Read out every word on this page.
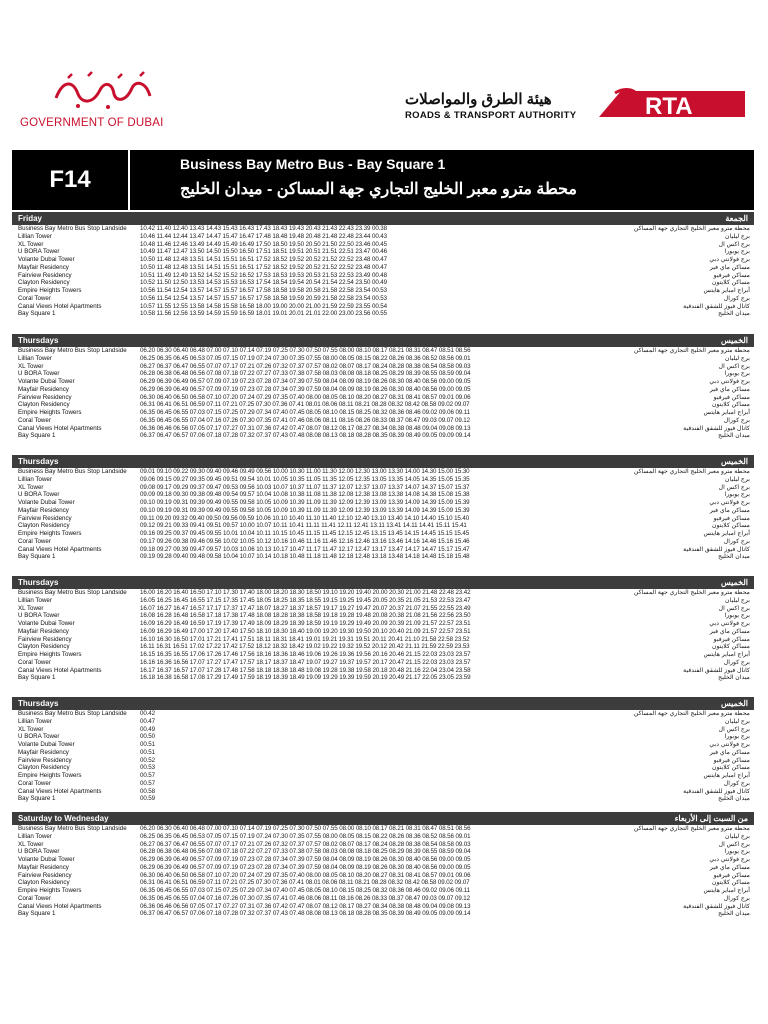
GOVERNMENT OF DUBAI
هيئة الطرق والمواصلات
ROADS & TRANSPORT AUTHORITY	RTA
F14
Business Bay Metro Bus - Bay Square 1
محطة مترو معبر الخليج التجاري جهة المساكن - ميدان الخليج
Friday	الجمعة
Business Bay Metro Bus Stop Landside 10.42 11.40 12.40 13.43 14.43 15.43 16.43 17.43 18.43 19.43 20.43 21.43 22.43 23.39 00.38	محطة مترو معبر الخليج التجاري جهة المساكن
Lillian Tower	10.46 11.44 12.44 13.47 14.47 15.47 16.47 17.48 18.48 19.48 20.48 21.48 22.48 23.44 00.43	برج ليليان
XL Tower	10.48 11.46 12.46 13.49 14.49 15.49 16.49 17.50 18.50 19.50 20.50 21.50 22.50 23.46 00.45	برج اكس ال
U BORA Tower	10.49 11.47 12.47 13.50 14.50 15.50 16.50 17.51 18.51 19.51 20.51 21.51 22.51 23.47 00.46	برج يوبورا
Volante Dubai Tower	10.50 11.48 12.48 13.51 14.51 15.51 16.51 17.52 18.52 19.52 20.52 21.52 22.52 23.48 00.47	برج فولانتي دبي
Mayfair Residency	10.50 11.48 12.48 13.51 14.51 15.51 16.51 17.52 18.52 19.52 20.52 21.52 22.52 23.48 00.47	مساكن ماي فير
Fairview Residency	10.51 11.49 12.49 13.52 14.52 15.52 16.52 17.53 18.53 19.53 20.53 21.53 22.53 23.49 00.48	مساكن فيرفيو
Clayton Residency	10.52 11.50 12.50 13.53 14.53 15.53 16.53 17.54 18.54 19.54 20.54 21.54 22.54 23.50 00.49	مساكن كلايتون
Empire Heights Towers	10.56 11.54 12.54 13.57 14.57 15.57 16.57 17.58 18.58 19.58 20.58 21.58 22.58 23.54 00.53	أبراج امباير هايتس
Coral Tower	10.56 11.54 12.54 13.57 14.57 15.57 16.57 17.58 18.58 19.59 20.59 21.58 22.58 23.54 00.53	برج كورال
Canal Views Hotel Apartments	10.57 11.55 12.55 13.58 14.58 15.58 16.58 18.00 19.00 20.00 21.00 21.59 22.59 23.55 00.54	كانال فيوز للشقق الفندقية
Bay Square 1	10.58 11.56 12.56 13.59 14.59 15.59 16.59 18.01 19.01 20.01 21.01 22.00 23.00 23.56 00.55	ميدان الخليج
Thursdays	الخميس
Business Bay Metro Bus Stop Landside 06.20 06.30 06.40 06.48 07.00 07.10 07.14 07.19 07.25 07.30 07.50 07.55 08.00 08.10 08.17 08.21 08.31 08.47 08.51 08.56	محطة مترو معبر الخليج التجاري جهة المساكن
Lillian Tower	06.25 06.35 06.45 06.53 07.05 07.15 07.19 07.24 07.30 07.35 07.55 08.00 08.05 08.15 08.22 08.26 08.36 08.52 08.56 09.01	برج ليليان
XL Tower	06.27 06.37 06.47 06.55 07.07 07.17 07.21 07.26 07.32 07.37 07.57 08.02 08.07 08.17 08.24 08.28 08.38 08.54 08.58 09.03	برج اكس ال
U BORA Tower	06.28 06.38 06.48 06.56 07.08 07.18 07.22 07.27 07.33 07.38 07.58 08.03 08.08 08.18 08.25 08.29 08.39 08.55 08.59 09.04	برج يوبورا
Volante Dubai Tower	06.29 06.39 06.49 06.57 07.09 07.19 07.23 07.28 07.34 07.39 07.59 08.04 08.09 08.19 08.26 08.30 08.40 08.56 09.00 09.05	برج فولانتي دبي
Mayfair Residency	06.29 06.39 06.49 06.57 07.09 07.19 07.23 07.28 07.34 07.39 07.59 08.04 08.09 08.19 08.26 08.30 08.40 08.56 09.00 09.05	مساكن ماي فير
Fairview Residency	06.30 06.40 06.50 06.58 07.10 07.20 07.24 07.29 07.35 07.40 08.00 08.05 08.10 08.20 08.27 08.31 08.41 08.57 09.01 09.06	مساكن فيرفيو
Clayton Residency	06.31 06.41 06.51 06.59 07.11 07.21 07.25 07.30 07.36 07.41 08.01 08.06 08.11 08.21 08.28 08.32 08.42 08.58 09.02 09.07	مساكن كلايتون
Empire Heights Towers	06.35 06.45 06.55 07.03 07.15 07.25 07.29 07.34 07.40 07.45 08.05 08.10 08.15 08.25 08.32 08.36 08.46 09.02 09.06 09.11	أبراج امباير هايتس
Coral Tower	06.35 06.45 06.55 07.04 07.16 07.26 07.30 07.35 07.41 07.46 08.06 08.11 08.16 08.26 08.33 08.37 08.47 09.03 09.07 09.12	برج كورال
Canal Views Hotel Apartments	06.36 06.46 06.56 07.05 07.17 07.27 07.31 07.36 07.42 07.47 08.07 08.12 08.17 08.27 08.34 08.38 08.48 09.04 09.08 09.13	كانال فيوز للشقق الفندقية
Bay Square 1	06.37 06.47 06.57 07.06 07.18 07.28 07.32 07.37 07.43 07.48 08.08 08.13 08.18 08.28 08.35 08.39 08.49 09.05 09.09 09.14	ميدان الخليج
Thursdays	الخميس
Business Bay Metro Bus Stop Landside 09.01 09.10 09.22 09.30 09.40 09.46 09.49 09.56 10.00 10.30 11.00 11.30 12.00 12.30 13.00 13.30 14.00 14.30 15.00 15.30	محطة مترو معبر الخليج التجاري جهة المساكن
Lillian Tower	09.06 09.15 09.27 09.35 09.45 09.51 09.54 10.01 10.05 10.35 11.05 11.35 12.05 12.35 13.05 13.35 14.05 14.35 15.05 15.35	برج ليليان
XL Tower	09.08 09.17 09.29 09.37 09.47 09.53 09.56 10.03 10.07 10.37 11.07 11.37 12.07 12.37 13.07 13.37 14.07 14.37 15.07 15.37	برج اكس ال
U BORA Tower	09.09 09.18 09.30 09.38 09.48 09.54 09.57 10.04 10.08 10.38 11.08 11.38 12.08 12.38 13.08 13.38 14.08 14.38 15.08 15.38	برج يوبورا
Volante Dubai Tower	09.10 09.19 09.31 09.39 09.49 09.55 09.58 10.05 10.09 10.39 11.09 11.39 12.09 12.39 13.09 13.39 14.09 14.39 15.09 15.39	برج فولانتي دبي
Mayfair Residency	09.10 09.19 09.31 09.39 09.49 09.55 09.58 10.05 10.09 10.39 11.09 11.39 12.09 12.39 13.09 13.39 14.09 14.39 15.09 15.39	مساكن ماي فير
Fairview Residency	09.11 09.20 09.32 09.40 09.50 09.56 09.59 10.06 10.10 10.40 11.10 11.40 12.10 12.40 13.10 13.40 14.10 14.40 15.10 15.40	مساكن فيرفيو
Clayton Residency	09.12 09.21 09.33 09.41 09.51 09.57 10.00 10.07 10.11 10.41 11.11 11.41 12.11 12.41 13.11 13.41 14.11 14.41 15.11 15.41	مساكن كلايتون
Empire Heights Towers	09.16 09.25 09.37 09.45 09.55 10.01 10.04 10.11 10.15 10.45 11.15 11.45 12.15 12.45 13.15 13.45 14.15 14.45 15.15 15.45	أبراج امباير هايتس
Coral Tower	09.17 09.26 09.38 09.46 09.56 10.02 10.05 10.12 10.16 10.46 11.16 11.46 12.16 12.46 13.16 13.46 14.16 14.46 15.16 15.46	برج كورال
Canal Views Hotel Apartments	09.18 09.27 09.39 09.47 09.57 10.03 10.06 10.13 10.17 10.47 11.17 11.47 12.17 12.47 13.17 13.47 14.17 14.47 15.17 15.47	كانال فيوز للشقق الفندقية
Bay Square 1	09.19 09.28 09.40 09.48 09.58 10.04 10.07 10.14 10.18 10.48 11.18 11.48 12.18 12.48 13.18 13.48 14.18 14.48 15.18 15.48	ميدان الخليج
Thursdays	الخميس
Business Bay Metro Bus Stop Landside 16.00 16.20 16.40 16.50 17.10 17.30 17.40 18.00 18.20 18.30 18.50 19.10 19.20 19.40 20.00 20.30 21.00 21.48 22.48 23.42	محطة مترو معبر الخليج التجاري جهة المساكن
Lillian Tower	16.05 16.25 16.45 16.55 17.15 17.35 17.45 18.05 18.25 18.35 18.55 19.15 19.25 19.45 20.05 20.35 21.05 21.53 22.53 23.47	برج ليليان
XL Tower	16.07 16.27 16.47 16.57 17.17 17.37 17.47 18.07 18.27 18.37 18.57 19.17 19.27 19.47 20.07 20.37 21.07 21.55 22.55 23.49	برج اكس ال
U BORA Tower	16.08 16.28 16.48 16.58 17.18 17.38 17.48 18.08 18.28 18.38 18.58 19.18 19.28 19.48 20.08 20.38 21.08 21.56 22.56 23.50	برج يوبورا
Volante Dubai Tower	16.09 16.29 16.49 16.59 17.19 17.39 17.49 18.09 18.29 18.39 18.59 19.19 19.29 19.49 20.09 20.39 21.09 21.57 22.57 23.51	برج فولانتي دبي
Mayfair Residency	16.09 16.29 16.49 17.00 17.20 17.40 17.50 18.10 18.30 18.40 19.00 19.20 19.30 19.50 20.10 20.40 21.09 21.57 22.57 23.51	مساكن ماي فير
Fairview Residency	16.10 16.30 16.50 17.01 17.21 17.41 17.51 18.11 18.31 18.41 19.01 19.21 19.31 19.51 20.11 20.41 21.10 21.58 22.58 23.52	مساكن فيرفيو
Clayton Residency	16.11 16.31 16.51 17.02 17.22 17.42 17.52 18.12 18.32 18.42 19.02 19.22 19.32 19.52 20.12 20.42 21.11 21.59 22.59 23.53	مساكن كلايتون
Empire Heights Towers	16.15 16.35 16.55 17.06 17.26 17.46 17.56 18.16 18.36 18.46 19.06 19.26 19.36 19.56 20.16 20.46 21.15 22.03 23.03 23.57	أبراج امباير هايتس
Coral Tower	16.16 16.36 16.56 17.07 17.27 17.47 17.57 18.17 18.37 18.47 19.07 19.27 19.37 19.57 20.17 20.47 21.15 22.03 23.03 23.57	برج كورال
Canal Views Hotel Apartments	16.17 16.37 16.57 17.07 17.28 17.48 17.58 18.18 18.38 18.48 19.08 19.28 19.38 19.58 20.18 20.48 21.16 22.04 23.04 23.58	كانال فيوز للشقق الفندقية
Bay Square 1	16.18 16.38 16.58 17.08 17.29 17.49 17.59 18.19 18.39 18.49 19.09 19.29 19.39 19.59 20.19 20.49 21.17 22.05 23.05 23.59	ميدان الخليج
Thursdays	الخميس
Business Bay Metro Bus Stop Landside 00.42	محطة مترو معبر الخليج التجاري جهة المساكن
Lillian Tower	00.47	برج ليليان
XL Tower	00.49	برج اكس ال
U BORA Tower	00.50	برج يوبورا
Volante Dubai Tower	00.51	برج فولانتي دبي
Mayfair Residency	00.51	مساكن ماي فير
Fairview Residency	00.52	مساكن فيرفيو
Clayton Residency	00.53	مساكن كلايتون
Empire Heights Towers	00.57	أبراج امباير هايتس
Coral Tower	00.57	برج كورال
Canal Views Hotel Apartments	00.58	كانال فيوز للشقق الفندقية
Bay Square 1	00.59	ميدان الخليج
Saturday to Wednesday	من السبت إلى الأربعاء
Business Bay Metro Bus Stop Landside 06.20 06.30 06.40 06.48 07.00 07.10 07.14 07.19 07.25 07.30 07.50 07.55 08.00 08.10 08.17 08.21 08.31 08.47 08.51 08.56	محطة مترو معبر الخليج التجاري جهة المساكن
Lillian Tower	06.25 06.35 06.45 06.53 07.05 07.15 07.19 07.24 07.30 07.35 07.55 08.00 08.05 08.15 08.22 08.26 08.36 08.52 08.56 09.01	برج ليليان
XL Tower	06.27 06.37 06.47 06.55 07.07 07.17 07.21 07.26 07.32 07.37 07.57 08.02 08.07 08.17 08.24 08.28 08.38 08.54 08.58 09.03	برج اكس ال
U BORA Tower	06.28 06.38 06.48 06.56 07.08 07.18 07.22 07.27 07.33 07.38 07.58 08.03 08.08 08.18 08.25 08.29 08.39 08.55 08.59 09.04	برج يوبورا
Volante Dubai Tower	06.29 06.39 06.49 06.57 07.09 07.19 07.23 07.28 07.34 07.39 07.59 08.04 08.09 08.19 08.26 08.30 08.40 08.56 09.00 09.05	برج فولانتي دبي
Mayfair Residency	06.29 06.39 06.49 06.57 07.09 07.19 07.23 07.28 07.34 07.39 07.59 08.04 08.09 08.19 08.26 08.30 08.40 08.56 09.00 09.05	مساكن ماي فير
Fairview Residency	06.30 06.40 06.50 06.58 07.10 07.20 07.24 07.29 07.35 07.40 08.00 08.05 08.10 08.20 08.27 08.31 08.41 08.57 09.01 09.06	مساكن فيرفيو
Clayton Residency	06.31 06.41 06.51 06.59 07.11 07.21 07.25 07.30 07.36 07.41 08.01 08.06 08.11 08.21 08.28 08.32 08.42 08.58 09.02 09.07	مساكن كلايتون
Empire Heights Towers	06.35 06.45 06.55 07.03 07.15 07.25 07.29 07.34 07.40 07.45 08.05 08.10 08.15 08.25 08.32 08.36 08.46 09.02 09.06 09.11	أبراج امباير هايتس
Coral Tower	06.35 06.45 06.55 07.04 07.16 07.26 07.30 07.35 07.41 07.46 08.06 08.11 08.16 08.26 08.33 08.37 08.47 09.03 09.07 09.12	برج كورال
Canal Views Hotel Apartments	06.36 06.46 06.56 07.05 07.17 07.27 07.31 07.36 07.42 07.47 08.07 08.12 08.17 08.27 08.34 08.38 08.48 09.04 09.08 09.13	كانال فيوز للشقق الفندقية
Bay Square 1	06.37 06.47 06.57 07.06 07.18 07.28 07.32 07.37 07.43 07.48 08.08 08.13 08.18 08.28 08.35 08.39 08.49 09.05 09.09 09.14	ميدان الخليج
